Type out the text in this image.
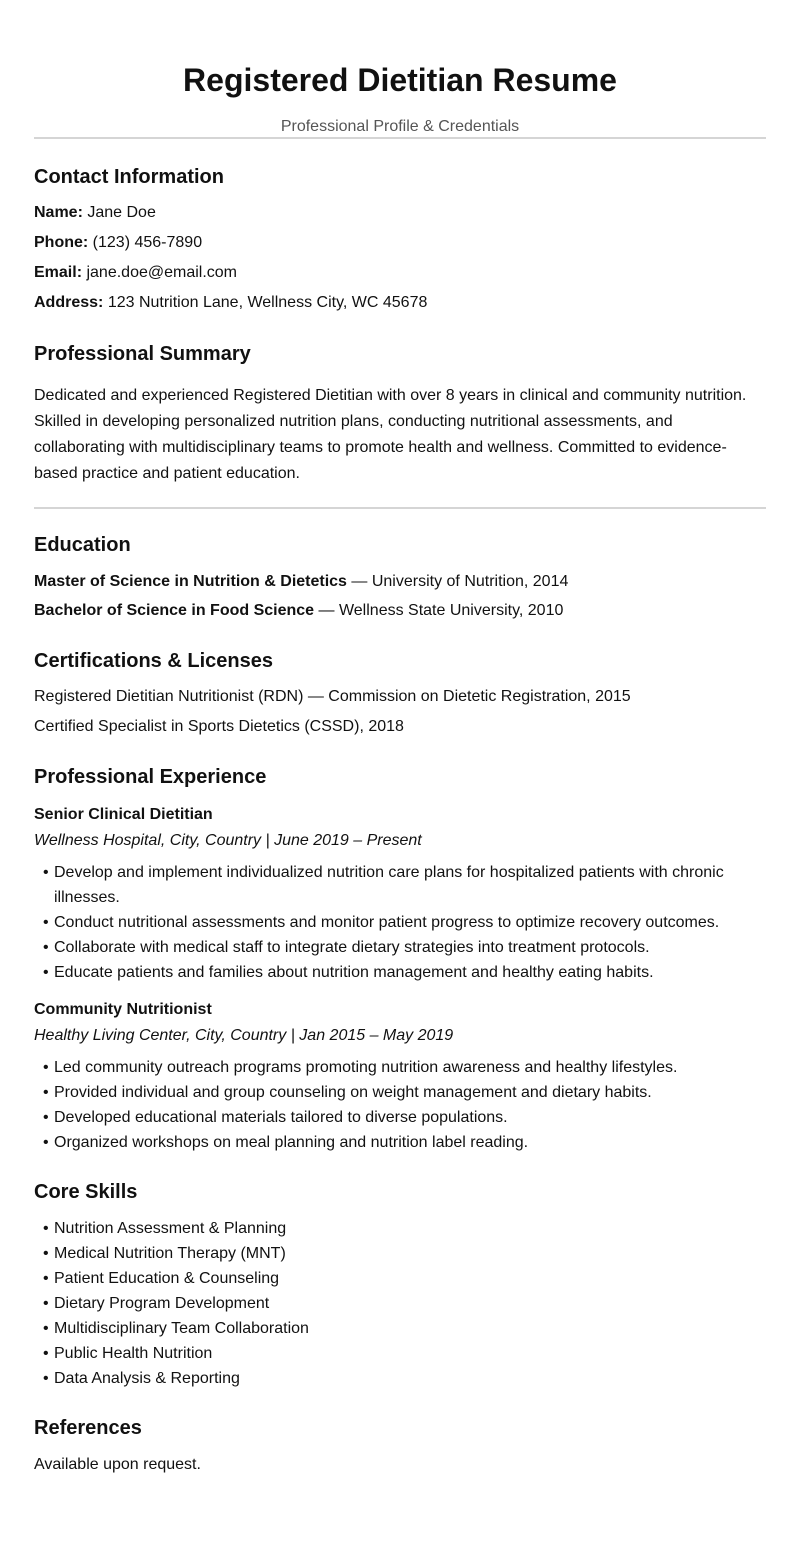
Registered Dietitian Resume
Professional Profile & Credentials
Contact Information
Name: Jane Doe
Phone: (123) 456-7890
Email: jane.doe@email.com
Address: 123 Nutrition Lane, Wellness City, WC 45678
Professional Summary

Dedicated and experienced Registered Dietitian with over 8 years in clinical and community nutrition. Skilled in developing personalized nutrition plans, conducting nutritional assessments, and collaborating with multidisciplinary teams to promote health and wellness. Committed to evidence-based practice and patient education.

Education
Master of Science in Nutrition & Dietetics — University of Nutrition, 2014
Bachelor of Science in Food Science — Wellness State University, 2010
Certifications & Licenses
Registered Dietitian Nutritionist (RDN) — Commission on Dietetic Registration, 2015
Certified Specialist in Sports Dietetics (CSSD), 2018
Professional Experience
Senior Clinical Dietitian
Wellness Hospital, City, Country | June 2019 – Present
• Develop and implement individualized nutrition care plans for hospitalized patients with chronic illnesses.
• Conduct nutritional assessments and monitor patient progress to optimize recovery outcomes.
• Collaborate with medical staff to integrate dietary strategies into treatment protocols.
• Educate patients and families about nutrition management and healthy eating habits.
Community Nutritionist
Healthy Living Center, City, Country | Jan 2015 – May 2019
• Led community outreach programs promoting nutrition awareness and healthy lifestyles.
• Provided individual and group counseling on weight management and dietary habits.
• Developed educational materials tailored to diverse populations.
• Organized workshops on meal planning and nutrition label reading.
Core Skills
• Nutrition Assessment & Planning
• Medical Nutrition Therapy (MNT)
• Patient Education & Counseling
• Dietary Program Development
• Multidisciplinary Team Collaboration
• Public Health Nutrition
• Data Analysis & Reporting
References
Available upon request.
